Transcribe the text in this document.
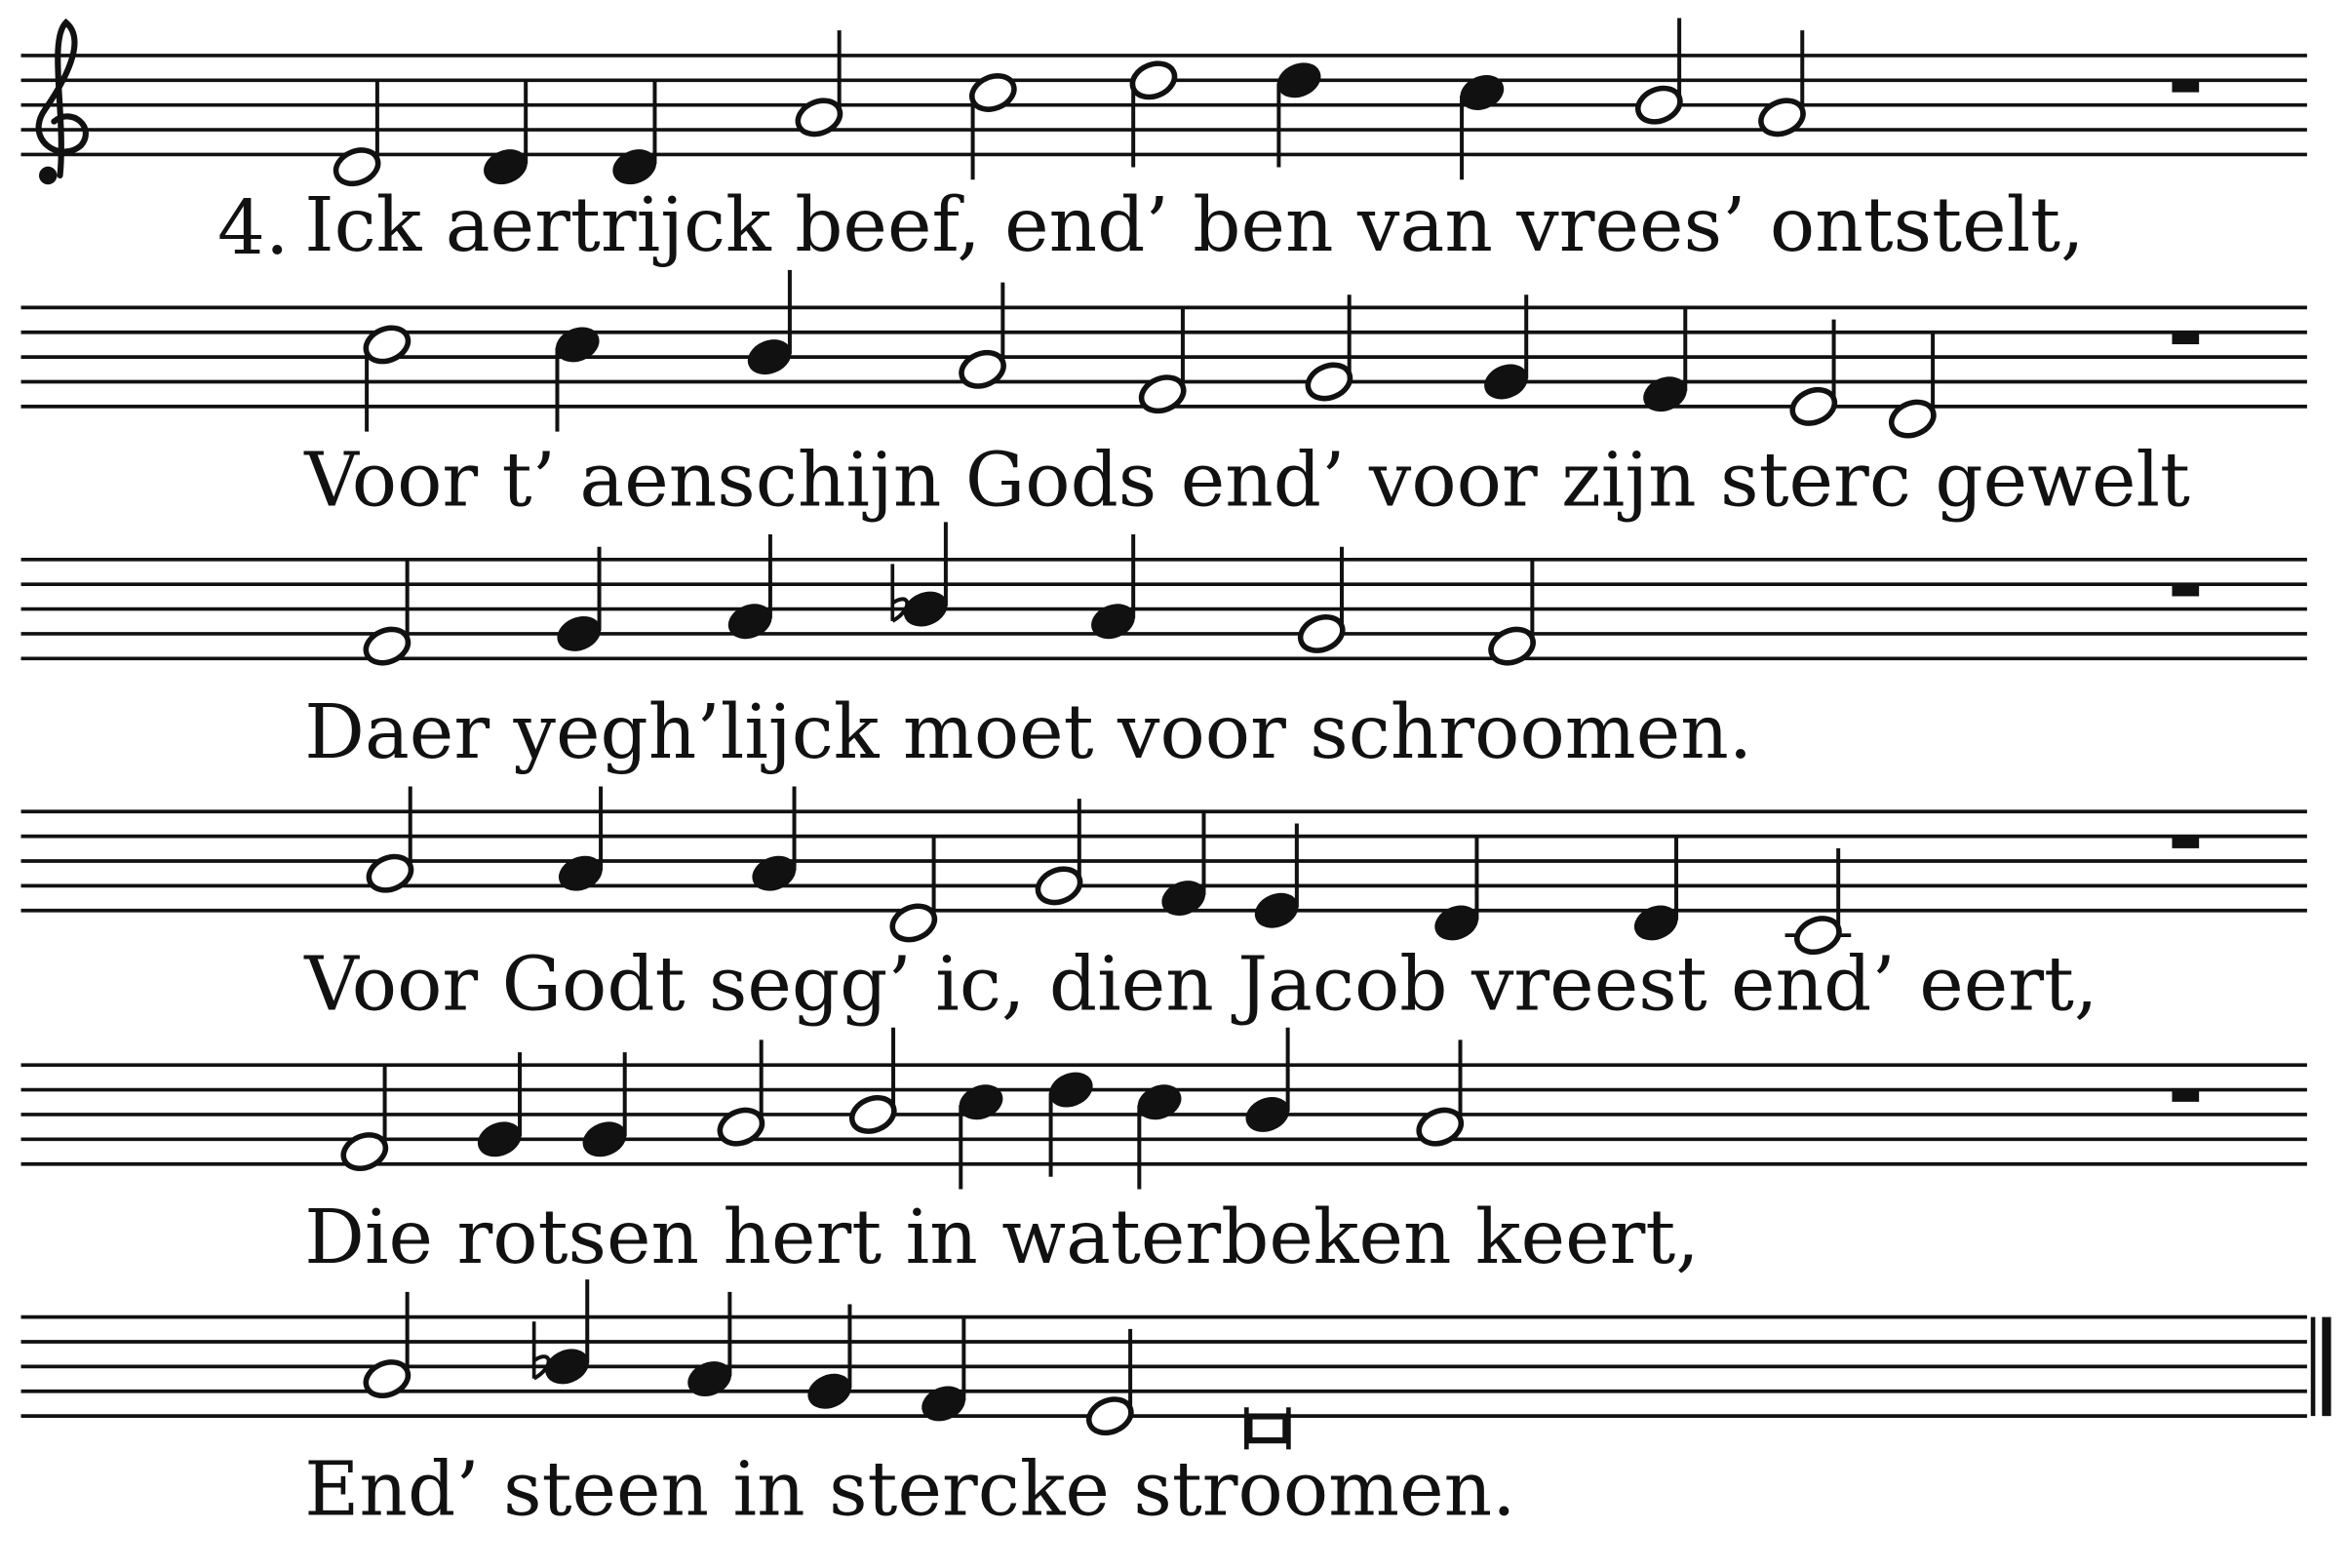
4. Ick aertrijck beef, end’ ben van vrees’ ontstelt,

Voor t’ aenschijn Gods end’ voor zijn sterc gewelt

Daer yegh’lijck moet voor schroomen.

Voor Godt segg’ ic, dien Jacob vreest end’ eert,

Die rotsen hert in waterbeken keert,

End’ steen in stercke stroomen.
